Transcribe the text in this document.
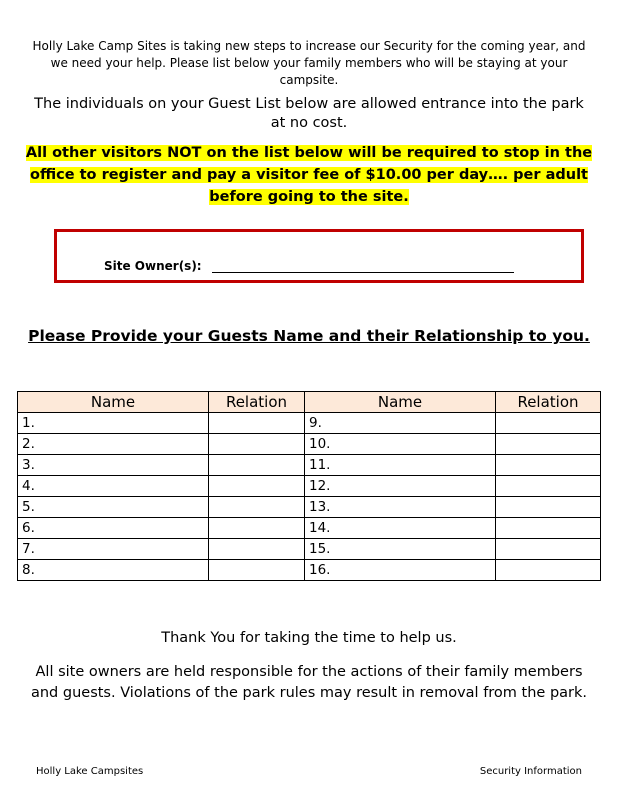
Holly Lake Camp Sites is taking new steps to increase our Security for the coming year, and we need your help. Please list below your family members who will be staying at your campsite.
The individuals on your Guest List below are allowed entrance into the park at no cost.
All other visitors NOT on the list below will be required to stop in the office to register and pay a visitor fee of $10.00 per day…. per adult before going to the site.
Site Owner(s):
Please Provide your Guests Name and their Relationship to you.
Name	Relation	Name	Relation
1.		9.	
2.		10.	
3.		11.	
4.		12.	
5.		13.	
6.		14.	
7.		15.	
8.		16.	
Thank You for taking the time to help us.
All site owners are held responsible for the actions of their family members and guests. Violations of the park rules may result in removal from the park.
Holly Lake Campsites	Security Information
